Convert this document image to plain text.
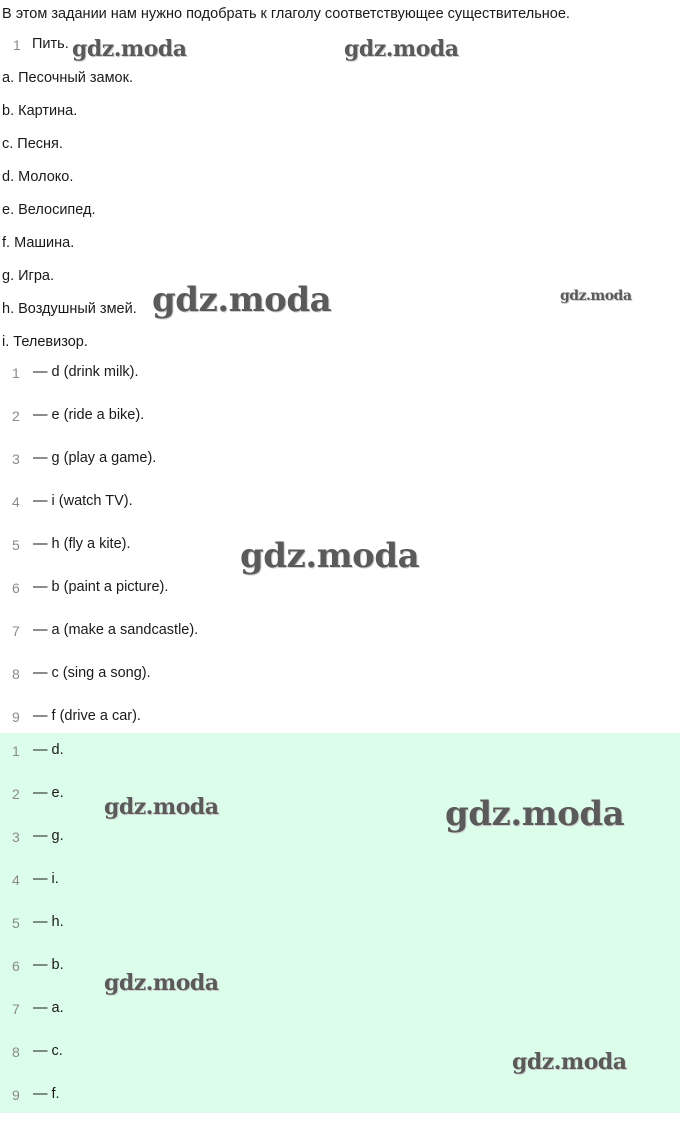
В этом задании нам нужно подобрать к глаголу соответствующее существительное.
1 Пить.
a. Песочный замок.
b. Картина.
c. Песня.
d. Молоко.
e. Велосипед.
f. Машина.
g. Игра.
h. Воздушный змей.
i. Телевизор.
1 — d (drink milk).
2 — e (ride a bike).
3 — g (play a game).
4 — i (watch TV).
5 — h (fly a kite).
6 — b (paint a picture).
7 — a (make a sandcastle).
8 — c (sing a song).
9 — f (drive a car).
1 — d.
2 — e.
3 — g.
4 — i.
5 — h.
6 — b.
7 — a.
8 — c.
9 — f.
gdz.moda	gdz.moda
gdz.moda	gdz.moda
gdz.moda
gdz.moda	gdz.moda
gdz.moda
gdz.moda
